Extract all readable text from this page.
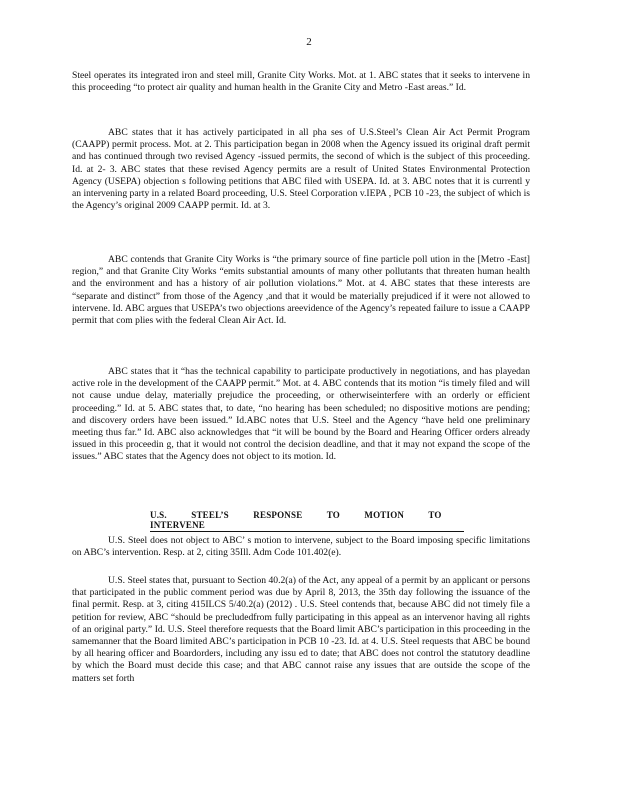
2

Steel operates its integrated iron and steel mill, Granite City Works. Mot. at 1. ABC states that it seeks to intervene in this proceeding “to protect air quality and human health in the Granite City and Metro -East areas.” Id.

ABC states that it has actively participated in all pha ses of U.S.Steel’s Clean Air Act Permit Program (CAAPP) permit process. Mot. at 2. This participation began in 2008 when the Agency issued its original draft permit and has continued through two revised Agency -issued permits, the second of which is the subject of this proceeding. Id. at 2- 3. ABC states that these revised Agency permits are a result of United States Environmental Protection Agency (USEPA) objection s following petitions that ABC filed with USEPA. Id. at 3. ABC notes that it is currentl y an intervening party in a related Board proceeding, U.S. Steel Corporation v.IEPA , PCB 10 -23, the subject of which is the Agency’s original 2009 CAAPP permit. Id. at 3.

ABC contends that Granite City Works is “the primary source of fine particle poll ution in the [Metro -East] region,” and that Granite City Works “emits substantial amounts of many other pollutants that threaten human health and the environment and has a history of air pollution violations.” Mot. at 4. ABC states that these interests are “separate and distinct” from those of the Agency ,and that it would be materially prejudiced if it were not allowed to intervene. Id. ABC argues that USEPA’s two objections areevidence of the Agency’s repeated failure to issue a CAAPP permit that com plies with the federal Clean Air Act. Id.

ABC states that it “has the technical capability to participate productively in negotiations, and has playedan active role in the development of the CAAPP permit.” Mot. at 4. ABC contends that its motion “is timely filed and will not cause undue delay, materially prejudice the proceeding, or otherwiseinterfere with an orderly or efficient proceeding.” Id. at 5. ABC states that, to date, “no hearing has been scheduled; no dispositive motions are pending; and discovery orders have been issued.” Id.ABC notes that U.S. Steel and the Agency “have held one preliminary meeting thus far.” Id. ABC also acknowledges that “it will be bound by the Board and Hearing Officer orders already issued in this proceedin g, that it would not control the decision deadline, and that it may not expand the scope of the issues.” ABC states that the Agency does not object to its motion. Id.

U.S. STEEL’S RESPONSE TO MOTION TO INTERVENE

U.S. Steel does not object to ABC’ s motion to intervene, subject to the Board imposing specific limitations on ABC’s intervention. Resp. at 2, citing 35Ill. Adm Code 101.402(e).

U.S. Steel states that, pursuant to Section 40.2(a) of the Act, any appeal of a permit by an applicant or persons that participated in the public comment period was due by April 8, 2013, the 35th day following the issuance of the final permit. Resp. at 3, citing 415ILCS 5/40.2(a) (2012) . U.S. Steel contends that, because ABC did not timely file a petition for review, ABC “should be precludedfrom fully participating in this appeal as an intervenor having all rights of an original party.” Id. U.S. Steel therefore requests that the Board limit ABC’s participation in this proceeding in the samemanner that the Board limited ABC’s participation in PCB 10 -23. Id. at 4. U.S. Steel requests that ABC be bound by all hearing officer and Boardorders, including any issu ed to date; that ABC does not control the statutory deadline by which the Board must decide this case; and that ABC cannot raise any issues that are outside the scope of the matters set forth
